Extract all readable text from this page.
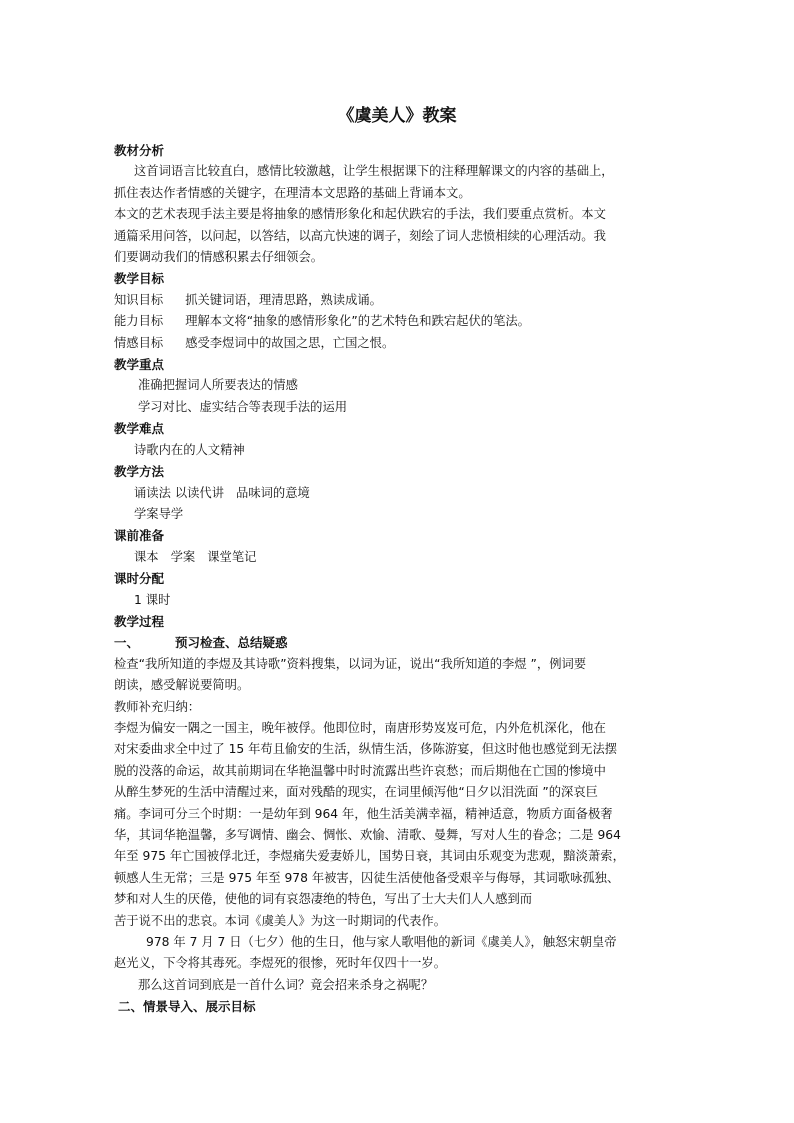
《虞美人》教案
教材分析

这首词语言比较直白，感情比较激越，让学生根据课下的注释理解课文的内容的基础上，

抓住表达作者情感的关键字，在理清本文思路的基础上背诵本文。

本文的艺术表现手法主要是将抽象的感情形象化和起伏跌宕的手法，我们要重点赏析。本文

通篇采用问答，以问起，以答结，以高亢快速的调子，刻绘了词人悲愤相续的心理活动。我

们要调动我们的情感积累去仔细领会。

教学目标

知识目标 抓关键词语，理清思路，熟读成诵。

能力目标 理解本文将“抽象的感情形象化”的艺术特色和跌宕起伏的笔法。

情感目标 感受李煜词中的故国之思，亡国之恨。

教学重点

准确把握词人所要表达的情感

学习对比、虚实结合等表现手法的运用

教学难点

诗歌内在的人文精神

教学方法

诵读法 以读代讲 品味词的意境

学案导学

课前准备

课本 学案 课堂笔记

课时分配

1 课时

教学过程
一、	预习检查、总结疑惑

检查“我所知道的李煜及其诗歌”资料搜集，以词为证，说出“我所知道的李煜 ”，例词要

朗读，感受解说要简明。

教师补充归纳：

李煜为偏安一隅之一国主，晚年被俘。他即位时，南唐形势岌岌可危，内外危机深化，他在

对宋委曲求全中过了 15 年苟且偷安的生活，纵情生活，侈陈游宴，但这时他也感觉到无法摆

脱的没落的命运，故其前期词在华艳温馨中时时流露出些许哀愁；而后期他在亡国的惨境中

从醉生梦死的生活中清醒过来，面对残酷的现实，在词里倾泻他“日夕以泪洗面 ”的深哀巨

痛。李词可分三个时期：一是幼年到 964 年，他生活美满幸福，精神适意，物质方面备极奢

华，其词华艳温馨，多写调情、幽会、惆怅、欢愉、清歌、曼舞，写对人生的眷念；二是 964

年至 975 年亡国被俘北迁，李煜痛失爱妻娇儿，国势日衰，其词由乐观变为悲观，黯淡萧索，

顿感人生无常；三是 975 年至 978 年被害，囚徒生活使他备受艰辛与侮辱，其词歌咏孤独、

梦和对人生的厌倦，使他的词有哀怨凄绝的特色，写出了士大夫们人人感到而

苦于说不出的悲哀。本词《虞美人》为这一时期词的代表作。

978 年 7 月 7 日（七夕）他的生日，他与家人歌唱他的新词《虞美人》，触怒宋朝皇帝

赵光义，下令将其毒死。李煜死的很惨，死时年仅四十一岁。

那么这首词到底是一首什么词？竟会招来杀身之祸呢？

二、情景导入、展示目标
